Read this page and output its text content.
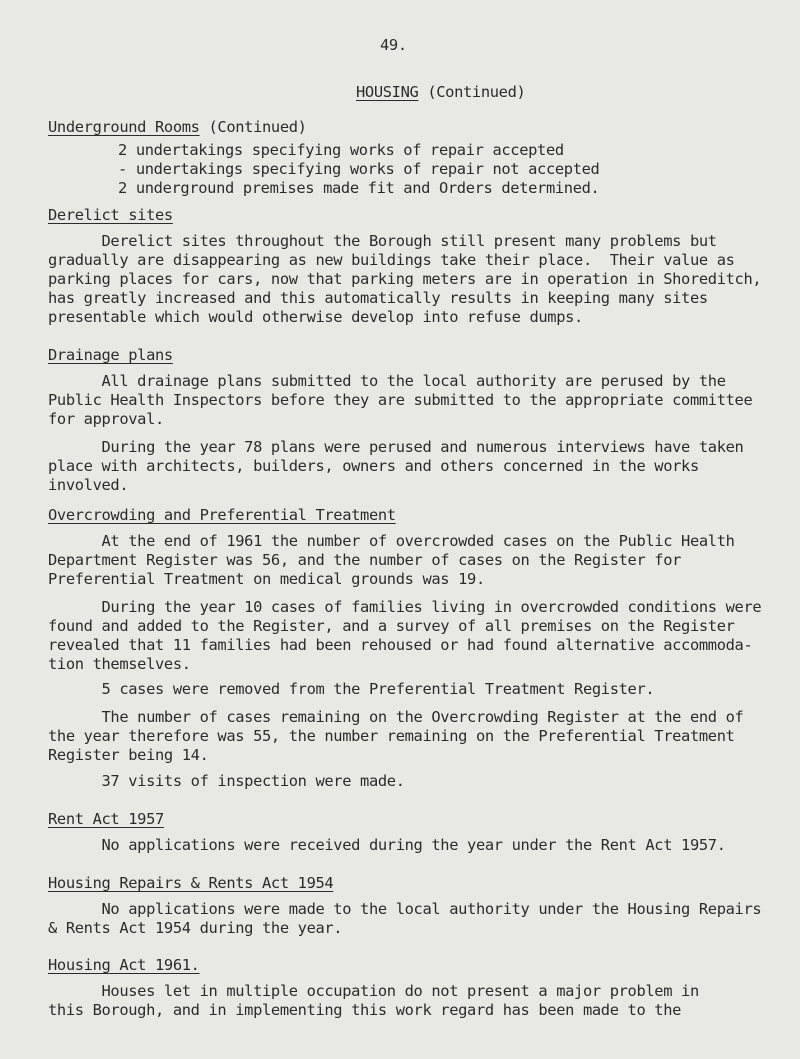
49.
HOUSING (Continued)
Underground Rooms (Continued)
2 undertakings specifying works of repair accepted
- undertakings specifying works of repair not accepted
2 underground premises made fit and Orders determined.
Derelict sites
Derelict sites throughout the Borough still present many problems but
gradually are disappearing as new buildings take their place.  Their value as
parking places for cars, now that parking meters are in operation in Shoreditch,
has greatly increased and this automatically results in keeping many sites
presentable which would otherwise develop into refuse dumps.
Drainage plans
All drainage plans submitted to the local authority are perused by the
Public Health Inspectors before they are submitted to the appropriate committee
for approval.
During the year 78 plans were perused and numerous interviews have taken
place with architects, builders, owners and others concerned in the works
involved.
Overcrowding and Preferential Treatment
At the end of 1961 the number of overcrowded cases on the Public Health
Department Register was 56, and the number of cases on the Register for
Preferential Treatment on medical grounds was 19.
During the year 10 cases of families living in overcrowded conditions were
found and added to the Register, and a survey of all premises on the Register
revealed that 11 families had been rehoused or had found alternative accommoda-
tion themselves.
5 cases were removed from the Preferential Treatment Register.
The number of cases remaining on the Overcrowding Register at the end of
the year therefore was 55, the number remaining on the Preferential Treatment
Register being 14.
37 visits of inspection were made.
Rent Act 1957
No applications were received during the year under the Rent Act 1957.
Housing Repairs & Rents Act 1954
No applications were made to the local authority under the Housing Repairs
& Rents Act 1954 during the year.
Housing Act 1961.
Houses let in multiple occupation do not present a major problem in
this Borough, and in implementing this work regard has been made to the
